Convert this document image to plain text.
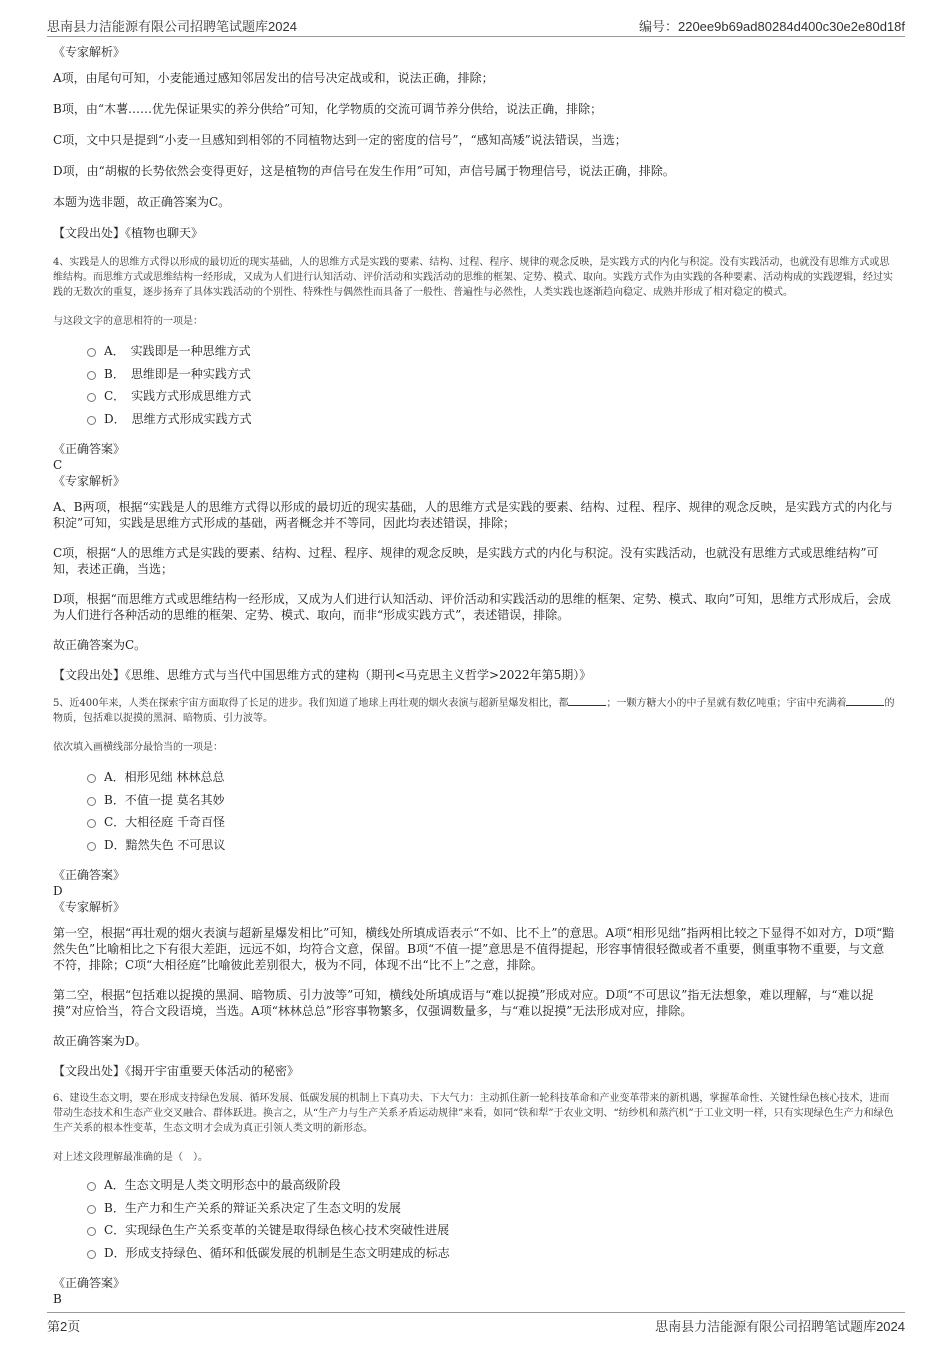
思南县力洁能源有限公司招聘笔试题库2024	编号：220ee9b69ad80284d400c30e2e80d18f
《专家解析》
A项，由尾句可知，小麦能通过感知邻居发出的信号决定战或和，说法正确，排除；
B项，由“木薯……优先保证果实的养分供给”可知，化学物质的交流可调节养分供给，说法正确，排除；
C项，文中只是提到“小麦一旦感知到相邻的不同植物达到一定的密度的信号”，“感知高矮”说法错误，当选；
D项，由“胡椒的长势依然会变得更好，这是植物的声信号在发生作用”可知，声信号属于物理信号，说法正确，排除。
本题为选非题，故正确答案为C。
【文段出处】《植物也聊天》
4、实践是人的思维方式得以形成的最切近的现实基础，人的思维方式是实践的要素、结构、过程、程序、规律的观念反映，是实践方式的内化与积淀。没有实践活动，也就没有思维方式或思维结构。而思维方式或思维结构一经形成，又成为人们进行认知活动、评价活动和实践活动的思维的框架、定势、模式、取向。实践方式作为由实践的各种要素、活动构成的实践逻辑，经过实践的无数次的重复，逐步扬弃了具体实践活动的个别性、特殊性与偶然性而具备了一般性、普遍性与必然性，人类实践也逐渐趋向稳定、成熟并形成了相对稳定的模式。
与这段文字的意思相符的一项是：
A．　实践即是一种思维方式
B．　思维即是一种实践方式
C．　实践方式形成思维方式
D．　思维方式形成实践方式
《正确答案》
C
《专家解析》
A、B两项，根据“实践是人的思维方式得以形成的最切近的现实基础，人的思维方式是实践的要素、结构、过程、程序、规律的观念反映，是实践方式的内化与积淀”可知，实践是思维方式形成的基础，两者概念并不等同，因此均表述错误，排除；
C项，根据“人的思维方式是实践的要素、结构、过程、程序、规律的观念反映，是实践方式的内化与积淀。没有实践活动，也就没有思维方式或思维结构”可知，表述正确，当选；
D项，根据“而思维方式或思维结构一经形成，又成为人们进行认知活动、评价活动和实践活动的思维的框架、定势、模式、取向”可知，思维方式形成后，会成为人们进行各种活动的思维的框架、定势、模式、取向，而非“形成实践方式”，表述错误，排除。
故正确答案为C。
【文段出处】《思维、思维方式与当代中国思维方式的建构（期刊<马克思主义哲学>2022年第5期）》
5、近400年来，人类在探索宇宙方面取得了长足的进步。我们知道了地球上再壮观的烟火表演与超新星爆发相比，都	；一颗方糖大小的中子星就有数亿吨重；宇宙中充满着	的物质，包括难以捉摸的黑洞、暗物质、引力波等。
依次填入画横线部分最恰当的一项是：
A．相形见绌 林林总总
B．不值一提 莫名其妙
C．大相径庭 千奇百怪
D．黯然失色 不可思议
《正确答案》
D
《专家解析》
第一空，根据“再壮观的烟火表演与超新星爆发相比”可知，横线处所填成语表示“不如、比不上”的意思。A项“相形见绌”指两相比较之下显得不如对方，D项“黯然失色”比喻相比之下有很大差距，远远不如，均符合文意，保留。B项“不值一提”意思是不值得提起，形容事情很轻微或者不重要，侧重事物不重要，与文意不符，排除；C项“大相径庭”比喻彼此差别很大，极为不同，体现不出“比不上”之意，排除。
第二空，根据“包括难以捉摸的黑洞、暗物质、引力波等”可知，横线处所填成语与“难以捉摸”形成对应。D项“不可思议”指无法想象，难以理解，与“难以捉摸”对应恰当，符合文段语境，当选。A项“林林总总”形容事物繁多，仅强调数量多，与“难以捉摸”无法形成对应，排除。
故正确答案为D。
【文段出处】《揭开宇宙重要天体活动的秘密》
6、建设生态文明，要在形成支持绿色发展、循环发展、低碳发展的机制上下真功夫、下大气力：主动抓住新一轮科技革命和产业变革带来的新机遇，掌握革命性、关键性绿色核心技术，进而带动生态技术和生态产业交叉融合、群体跃进。换言之，从“生产力与生产关系矛盾运动规律”来看，如同“铁和犁”于农业文明、“纺纱机和蒸汽机”于工业文明一样，只有实现绿色生产力和绿色生产关系的根本性变革，生态文明才会成为真正引领人类文明的新形态。
对上述文段理解最准确的是（　）。
A．生态文明是人类文明形态中的最高级阶段
B．生产力和生产关系的辩证关系决定了生态文明的发展
C．实现绿色生产关系变革的关键是取得绿色核心技术突破性进展
D．形成支持绿色、循环和低碳发展的机制是生态文明建成的标志
《正确答案》
B
第2页	思南县力洁能源有限公司招聘笔试题库2024
